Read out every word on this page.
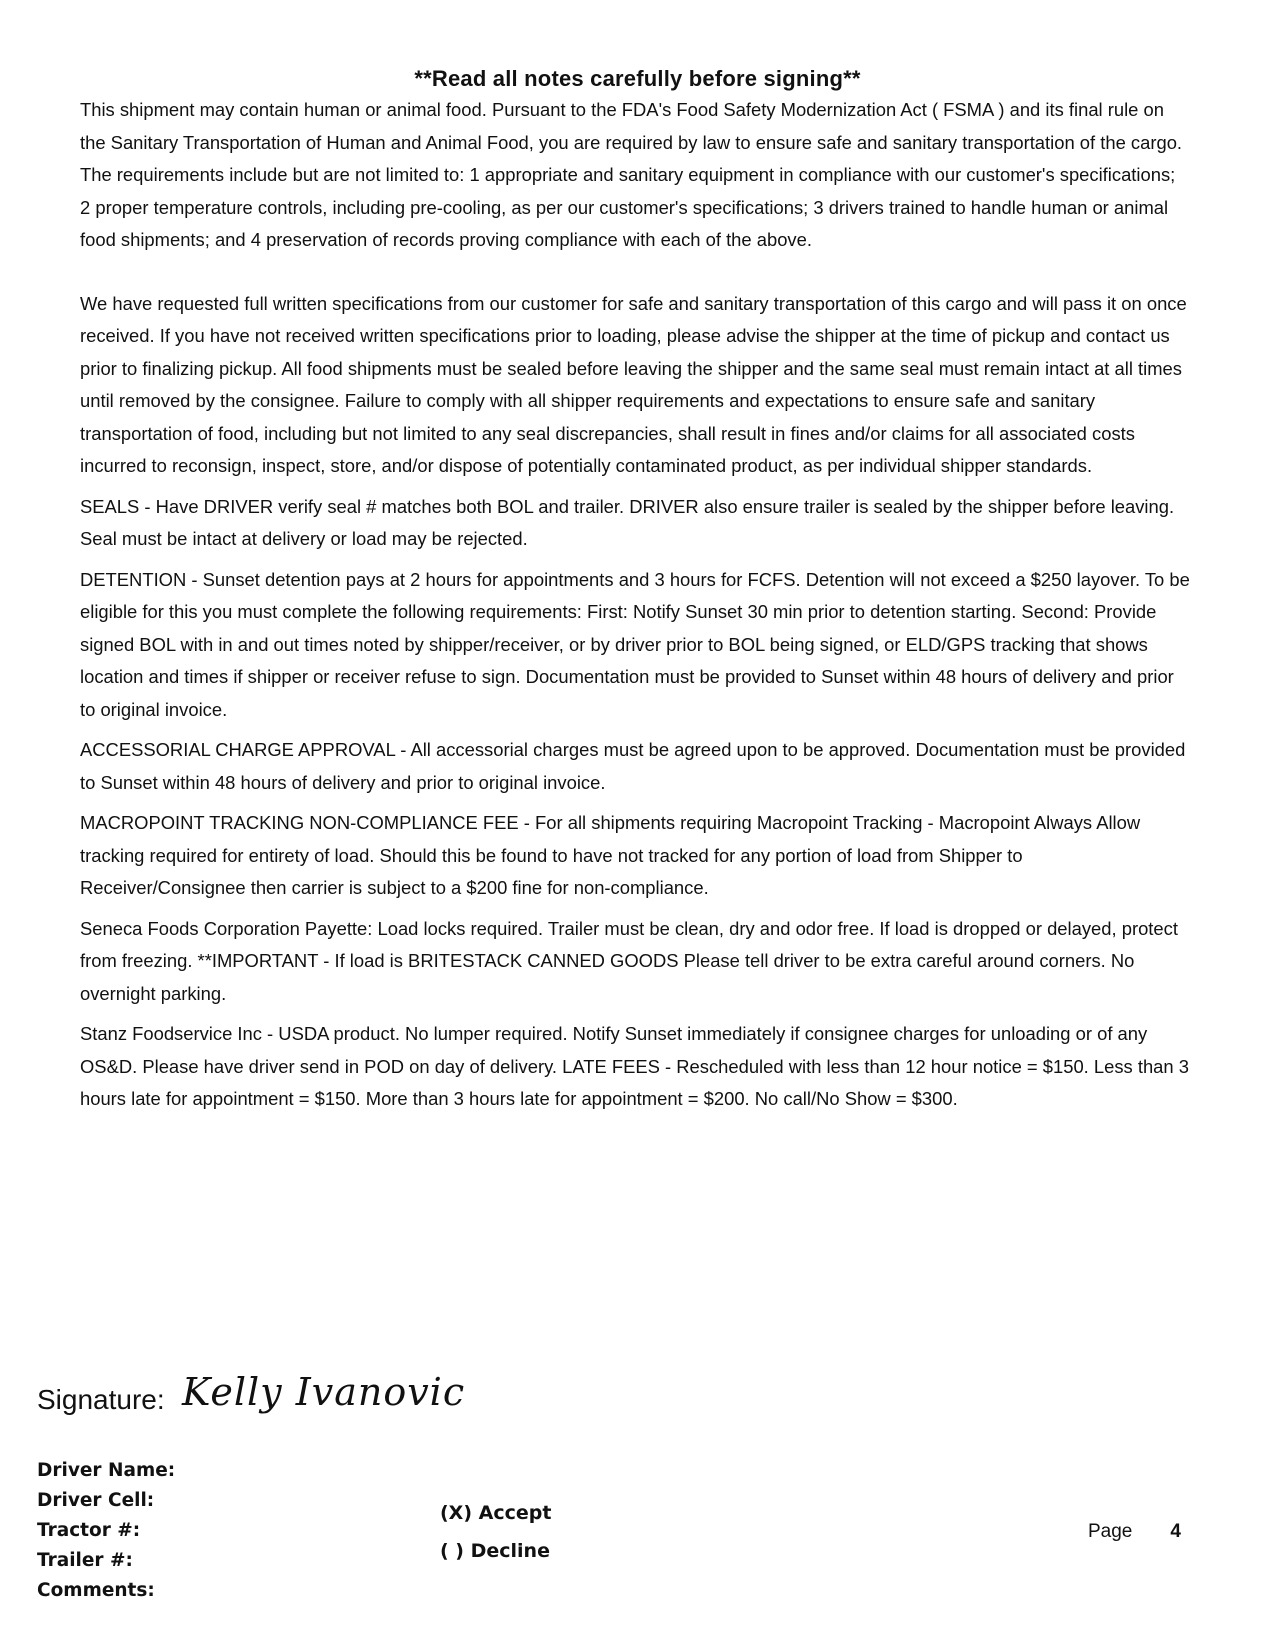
**Read all notes carefully before signing**

This shipment may contain human or animal food. Pursuant to the FDA's Food Safety Modernization Act ( FSMA ) and its final rule on the Sanitary Transportation of Human and Animal Food, you are required by law to ensure safe and sanitary transportation of the cargo. The requirements include but are not limited to: 1 appropriate and sanitary equipment in compliance with our customer's specifications; 2 proper temperature controls, including pre-cooling, as per our customer's specifications; 3 drivers trained to handle human or animal food shipments; and 4 preservation of records proving compliance with each of the above.

We have requested full written specifications from our customer for safe and sanitary transportation of this cargo and will pass it on once received. If you have not received written specifications prior to loading, please advise the shipper at the time of pickup and contact us prior to finalizing pickup. All food shipments must be sealed before leaving the shipper and the same seal must remain intact at all times until removed by the consignee. Failure to comply with all shipper requirements and expectations to ensure safe and sanitary transportation of food, including but not limited to any seal discrepancies, shall result in fines and/or claims for all associated costs incurred to reconsign, inspect, store, and/or dispose of potentially contaminated product, as per individual shipper standards.

SEALS - Have DRIVER verify seal # matches both BOL and trailer. DRIVER also ensure trailer is sealed by the shipper before leaving. Seal must be intact at delivery or load may be rejected.

DETENTION - Sunset detention pays at 2 hours for appointments and 3 hours for FCFS. Detention will not exceed a $250 layover. To be eligible for this you must complete the following requirements: First: Notify Sunset 30 min prior to detention starting. Second: Provide signed BOL with in and out times noted by shipper/receiver, or by driver prior to BOL being signed, or ELD/GPS tracking that shows location and times if shipper or receiver refuse to sign. Documentation must be provided to Sunset within 48 hours of delivery and prior to original invoice.

ACCESSORIAL CHARGE APPROVAL - All accessorial charges must be agreed upon to be approved. Documentation must be provided to Sunset within 48 hours of delivery and prior to original invoice.

MACROPOINT TRACKING NON-COMPLIANCE FEE - For all shipments requiring Macropoint Tracking - Macropoint Always Allow tracking required for entirety of load. Should this be found to have not tracked for any portion of load from Shipper to Receiver/Consignee then carrier is subject to a $200 fine for non-compliance.

Seneca Foods Corporation Payette: Load locks required. Trailer must be clean, dry and odor free. If load is dropped or delayed, protect from freezing. **IMPORTANT - If load is BRITESTACK CANNED GOODS Please tell driver to be extra careful around corners. No overnight parking.

Stanz Foodservice Inc - USDA product. No lumper required. Notify Sunset immediately if consignee charges for unloading or of any OS&D. Please have driver send in POD on day of delivery. LATE FEES - Rescheduled with less than 12 hour notice = $150. Less than 3 hours late for appointment = $150. More than 3 hours late for appointment = $200. No call/No Show = $300.

Signature: Kelly Ivanovic
Driver Name:
Driver Cell:
Tractor #:
Trailer #:
Comments:
(X) Accept
( ) Decline
Page 4
